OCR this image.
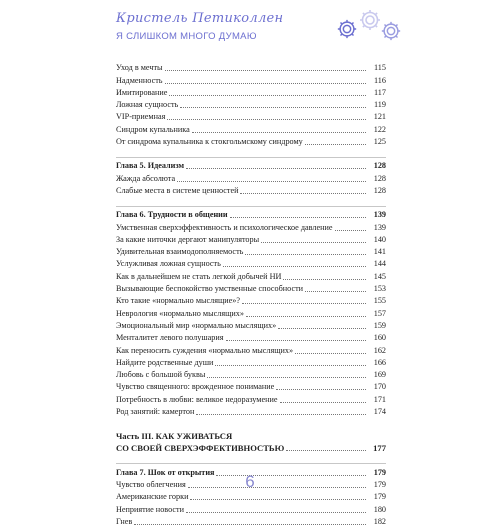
Кристель Петиколлен
Я СЛИШКОМ МНОГО ДУМАЮ
Уход в мечты	115
Надменность	116
Имитирование	117
Ложная сущность	119
VIP-приемная	121
Синдром купальника	122
От синдрома купальника к стокгольмскому синдрому	125
Глава 5. Идеализм	128
Жажда абсолюта	128
Слабые места в системе ценностей	128
Глава 6. Трудности в общении	139
Умственная сверхэффективность и психологическое давление	139
За какие ниточки дергают манипуляторы	140
Удивительная взаимодополняемость	141
Услужливая ложная сущность	144
Как в дальнейшем не стать легкой добычей НИ	145
Вызывающие беспокойство умственные способности	153
Кто такие «нормально мыслящие»?	155
Неврология «нормально мыслящих»	157
Эмоциональный мир «нормально мыслящих»	159
Менталитет левого полушария	160
Как переносить суждения «нормально мыслящих»	162
Найдите родственные души	166
Любовь с большой буквы	169
Чувство священного: врожденное понимание	170
Потребность в любви: великое недоразумение	171
Род занятий: камертон	174
Часть III. КАК УЖИВАТЬСЯ
СО СВОЕЙ СВЕРХЭФФЕКТИВНОСТЬЮ	177
Глава 7. Шок от открытия	179
Чувство облегчения	179
Американские горки	179
Неприятие новости	180
Гнев	182
6
